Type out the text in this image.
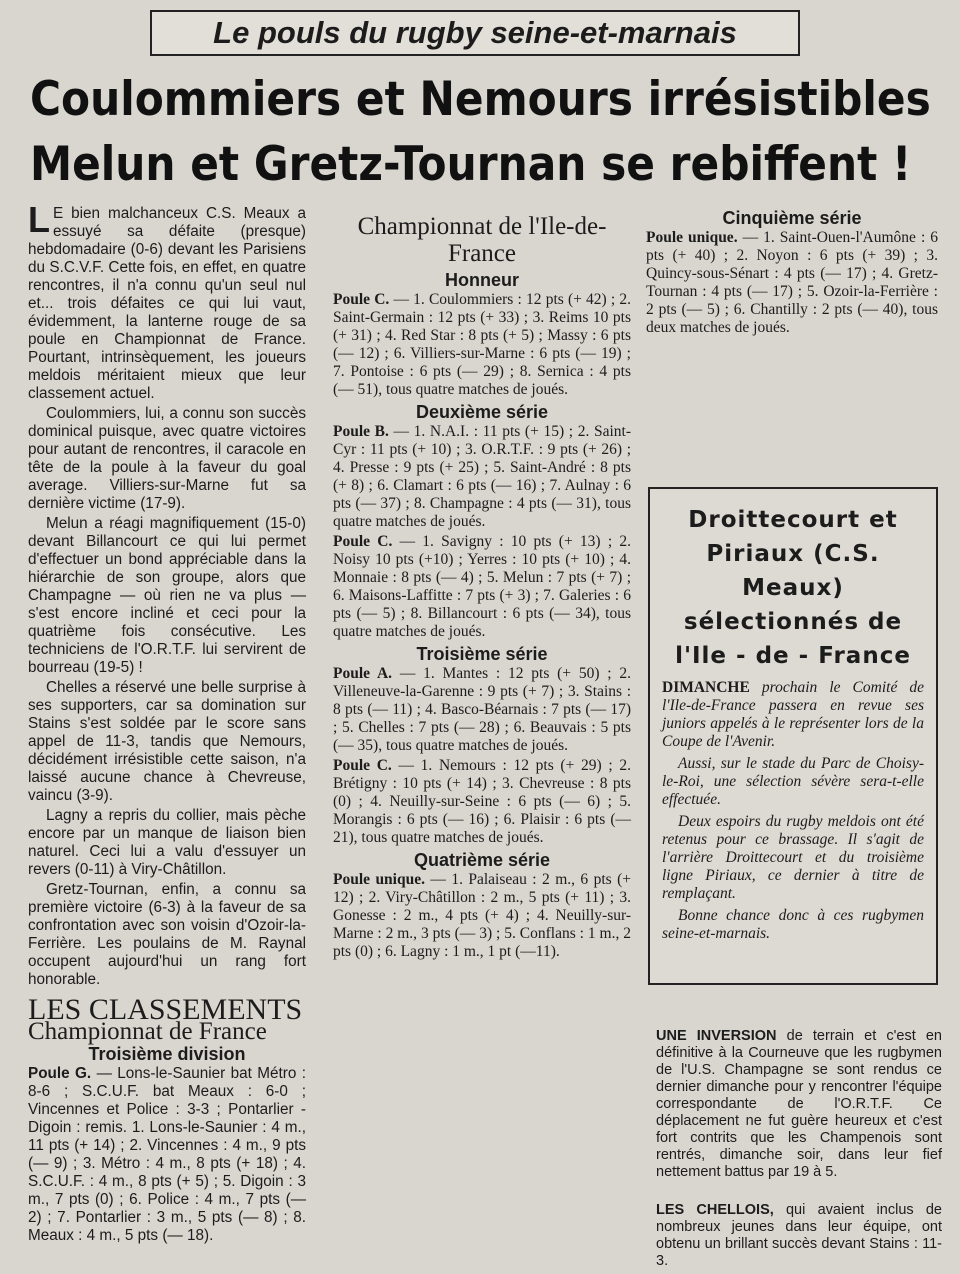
Le pouls du rugby seine-et-marnais
Coulommiers et Nemours irrésistibles
Melun et Gretz-Tournan se rebiffent !

L E bien malchanceux C.S. Meaux a essuyé sa défaite (presque) hebdomadaire (0-6) devant les Parisiens du S.C.V.F. Cette fois, en effet, en quatre rencontres, il n'a connu qu'un seul nul et... trois défaites ce qui lui vaut, évidemment, la lanterne rouge de sa poule en Championnat de France. Pourtant, intrinsèquement, les joueurs meldois méritaient mieux que leur classement actuel.

Coulommiers, lui, a connu son succès dominical puisque, avec quatre victoires pour autant de rencontres, il caracole en tête de la poule à la faveur du goal average. Villiers-sur-Marne fut sa dernière victime (17-9).

Melun a réagi magnifiquement (15-0) devant Billancourt ce qui lui permet d'effectuer un bond appréciable dans la hiérarchie de son groupe, alors que Champagne — où rien ne va plus — s'est encore incliné et ceci pour la quatrième fois consécutive. Les techniciens de l'O.R.T.F. lui servirent de bourreau (19-5) !

Chelles a réservé une belle surprise à ses supporters, car sa domination sur Stains s'est soldée par le score sans appel de 11-3, tandis que Nemours, décidément irrésistible cette saison, n'a laissé aucune chance à Chevreuse, vaincu (3-9).

Lagny a repris du collier, mais pèche encore par un manque de liaison bien naturel. Ceci lui a valu d'essuyer un revers (0-11) à Viry-Châtillon.

Gretz-Tournan, enfin, a connu sa première victoire (6-3) à la faveur de sa confrontation avec son voisin d'Ozoir-la-Ferrière. Les poulains de M. Raynal occupent aujourd'hui un rang fort honorable.

LES CLASSEMENTS
Championnat de France
Troisième division

Poule G. — Lons-le-Saunier bat Métro : 8-6 ; S.C.U.F. bat Meaux : 6-0 ; Vincennes et Police : 3-3 ; Pontarlier - Digoin : remis. 1. Lons-le-Saunier : 4 m., 11 pts (+ 14) ; 2. Vincennes : 4 m., 9 pts (— 9) ; 3. Métro : 4 m., 8 pts (+ 18) ; 4. S.C.U.F. : 4 m., 8 pts (+ 5) ; 5. Digoin : 3 m., 7 pts (0) ; 6. Police : 4 m., 7 pts (— 2) ; 7. Pontarlier : 3 m., 5 pts (— 8) ; 8. Meaux : 4 m., 5 pts (— 18).

Championnat de l'Ile-de-France
Honneur

Poule C. — 1. Coulommiers : 12 pts (+ 42) ; 2. Saint-Germain : 12 pts (+ 33) ; 3. Reims 10 pts (+ 31) ; 4. Red Star : 8 pts (+ 5) ; Massy : 6 pts (— 12) ; 6. Villiers-sur-Marne : 6 pts (— 19) ; 7. Pontoise : 6 pts (— 29) ; 8. Sernica : 4 pts (— 51), tous quatre matches de joués.

Deuxième série

Poule B. — 1. N.A.I. : 11 pts (+ 15) ; 2. Saint-Cyr : 11 pts (+ 10) ; 3. O.R.T.F. : 9 pts (+ 26) ; 4. Presse : 9 pts (+ 25) ; 5. Saint-André : 8 pts (+ 8) ; 6. Clamart : 6 pts (— 16) ; 7. Aulnay : 6 pts (— 37) ; 8. Champagne : 4 pts (— 31), tous quatre matches de joués.

Poule C. — 1. Savigny : 10 pts (+ 13) ; 2. Noisy 10 pts (+10) ; Yerres : 10 pts (+ 10) ; 4. Monnaie : 8 pts (— 4) ; 5. Melun : 7 pts (+ 7) ; 6. Maisons-Laffitte : 7 pts (+ 3) ; 7. Galeries : 6 pts (— 5) ; 8. Billancourt : 6 pts (— 34), tous quatre matches de joués.

Troisième série

Poule A. — 1. Mantes : 12 pts (+ 50) ; 2. Villeneuve-la-Garenne : 9 pts (+ 7) ; 3. Stains : 8 pts (— 11) ; 4. Basco-Béarnais : 7 pts (— 17) ; 5. Chelles : 7 pts (— 28) ; 6. Beauvais : 5 pts (— 35), tous quatre matches de joués.

Poule C. — 1. Nemours : 12 pts (+ 29) ; 2. Brétigny : 10 pts (+ 14) ; 3. Chevreuse : 8 pts (0) ; 4. Neuilly-sur-Seine : 6 pts (— 6) ; 5. Morangis : 6 pts (— 16) ; 6. Plaisir : 6 pts (— 21), tous quatre matches de joués.

Quatrième série

Poule unique. — 1. Palaiseau : 2 m., 6 pts (+ 12) ; 2. Viry-Châtillon : 2 m., 5 pts (+ 11) ; 3. Gonesse : 2 m., 4 pts (+ 4) ; 4. Neuilly-sur-Marne : 2 m., 3 pts (— 3) ; 5. Conflans : 1 m., 2 pts (0) ; 6. Lagny : 1 m., 1 pt (—11).

Cinquième série

Poule unique. — 1. Saint-Ouen-l'Aumône : 6 pts (+ 40) ; 2. Noyon : 6 pts (+ 39) ; 3. Quincy-sous-Sénart : 4 pts (— 17) ; 4. Gretz-Tournan : 4 pts (— 17) ; 5. Ozoir-la-Ferrière : 2 pts (— 5) ; 6. Chantilly : 2 pts (— 40), tous deux matches de joués.

Droittecourt et Piriaux (C.S. Meaux) sélectionnés de l'Ile - de - France

DIMANCHE prochain le Comité de l'Ile-de-France passera en revue ses juniors appelés à le représenter lors de la Coupe de l'Avenir.

Aussi, sur le stade du Parc de Choisy-le-Roi, une sélection sévère sera-t-elle effectuée.

Deux espoirs du rugby meldois ont été retenus pour ce brassage. Il s'agit de l'arrière Droittecourt et du troisième ligne Piriaux, ce dernier à titre de remplaçant.

Bonne chance donc à ces rugbymen seine-et-marnais.

UNE INVERSION de terrain et c'est en définitive à la Courneuve que les rugbymen de l'U.S. Champagne se sont rendus ce dernier dimanche pour y rencontrer l'équipe correspondante de l'O.R.T.F. Ce déplacement ne fut guère heureux et c'est fort contrits que les Champenois sont rentrés, dimanche soir, dans leur fief nettement battus par 19 à 5.
LES CHELLOIS, qui avaient inclus de nombreux jeunes dans leur équipe, ont obtenu un brillant succès devant Stains : 11-3.
